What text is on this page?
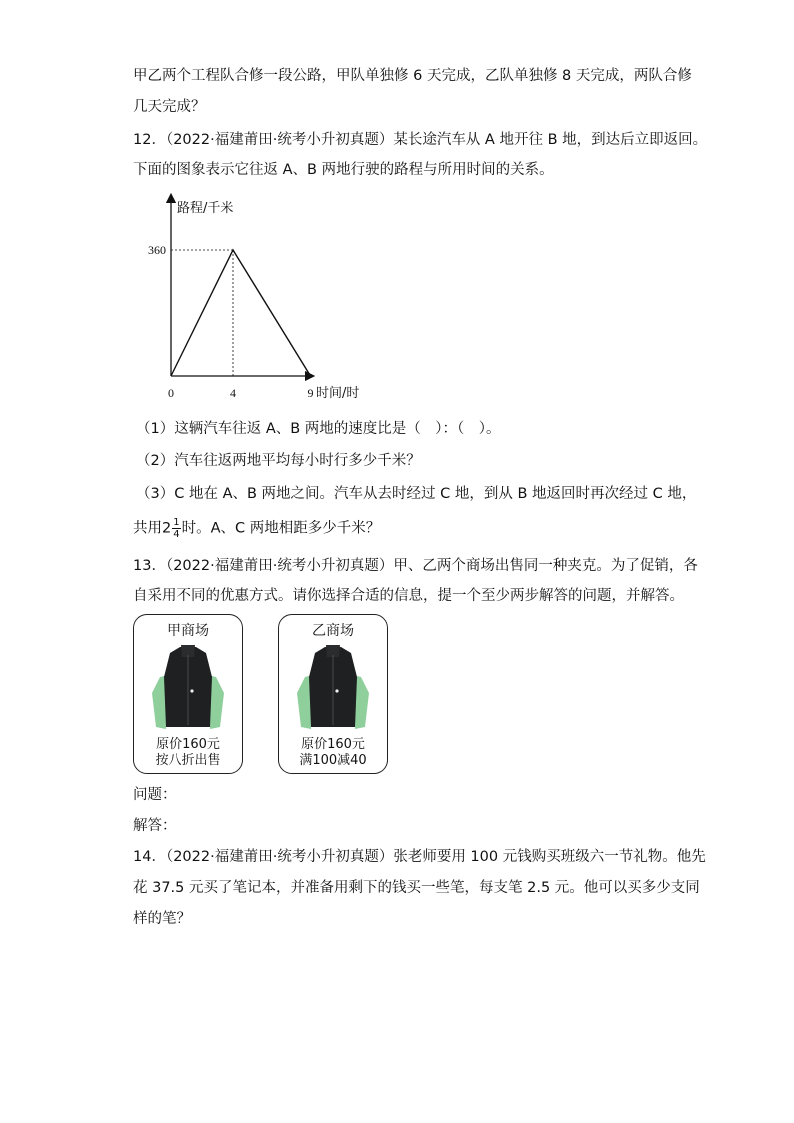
甲乙两个工程队合修一段公路，甲队单独修 6 天完成，乙队单独修 8 天完成，两队合修
几天完成？
12．（2022·福建莆田·统考小升初真题）某长途汽车从 A 地开往 B 地，到达后立即返回。
下面的图象表示它往返 A、B 两地行驶的路程与所用时间的关系。
路程/千米
时间/时
0	4	9
360
（1）这辆汽车往返 A、B 两地的速度比是（　）：（　）。
（2）汽车往返两地平均每小时行多少千米？
（3）C 地在 A、B 两地之间。汽车从去时经过 C 地，到从 B 地返回时再次经过 C 地，
共用$2 \frac{1}{4}$ 时。A、C 两地相距多少千米？
13．（2022·福建莆田·统考小升初真题）甲、乙两个商场出售同一种夹克。为了促销，各
自采用不同的优惠方式。请你选择合适的信息，提一个至少两步解答的问题，并解答。
甲商场
原价160元
按八折出售
乙商场
原价160元
满100减40
问题：
解答：
14．（2022·福建莆田·统考小升初真题）张老师要用 100 元钱购买班级六一节礼物。他先
花 37.5 元买了笔记本，并准备用剩下的钱买一些笔，每支笔 2.5 元。他可以买多少支同
样的笔？
